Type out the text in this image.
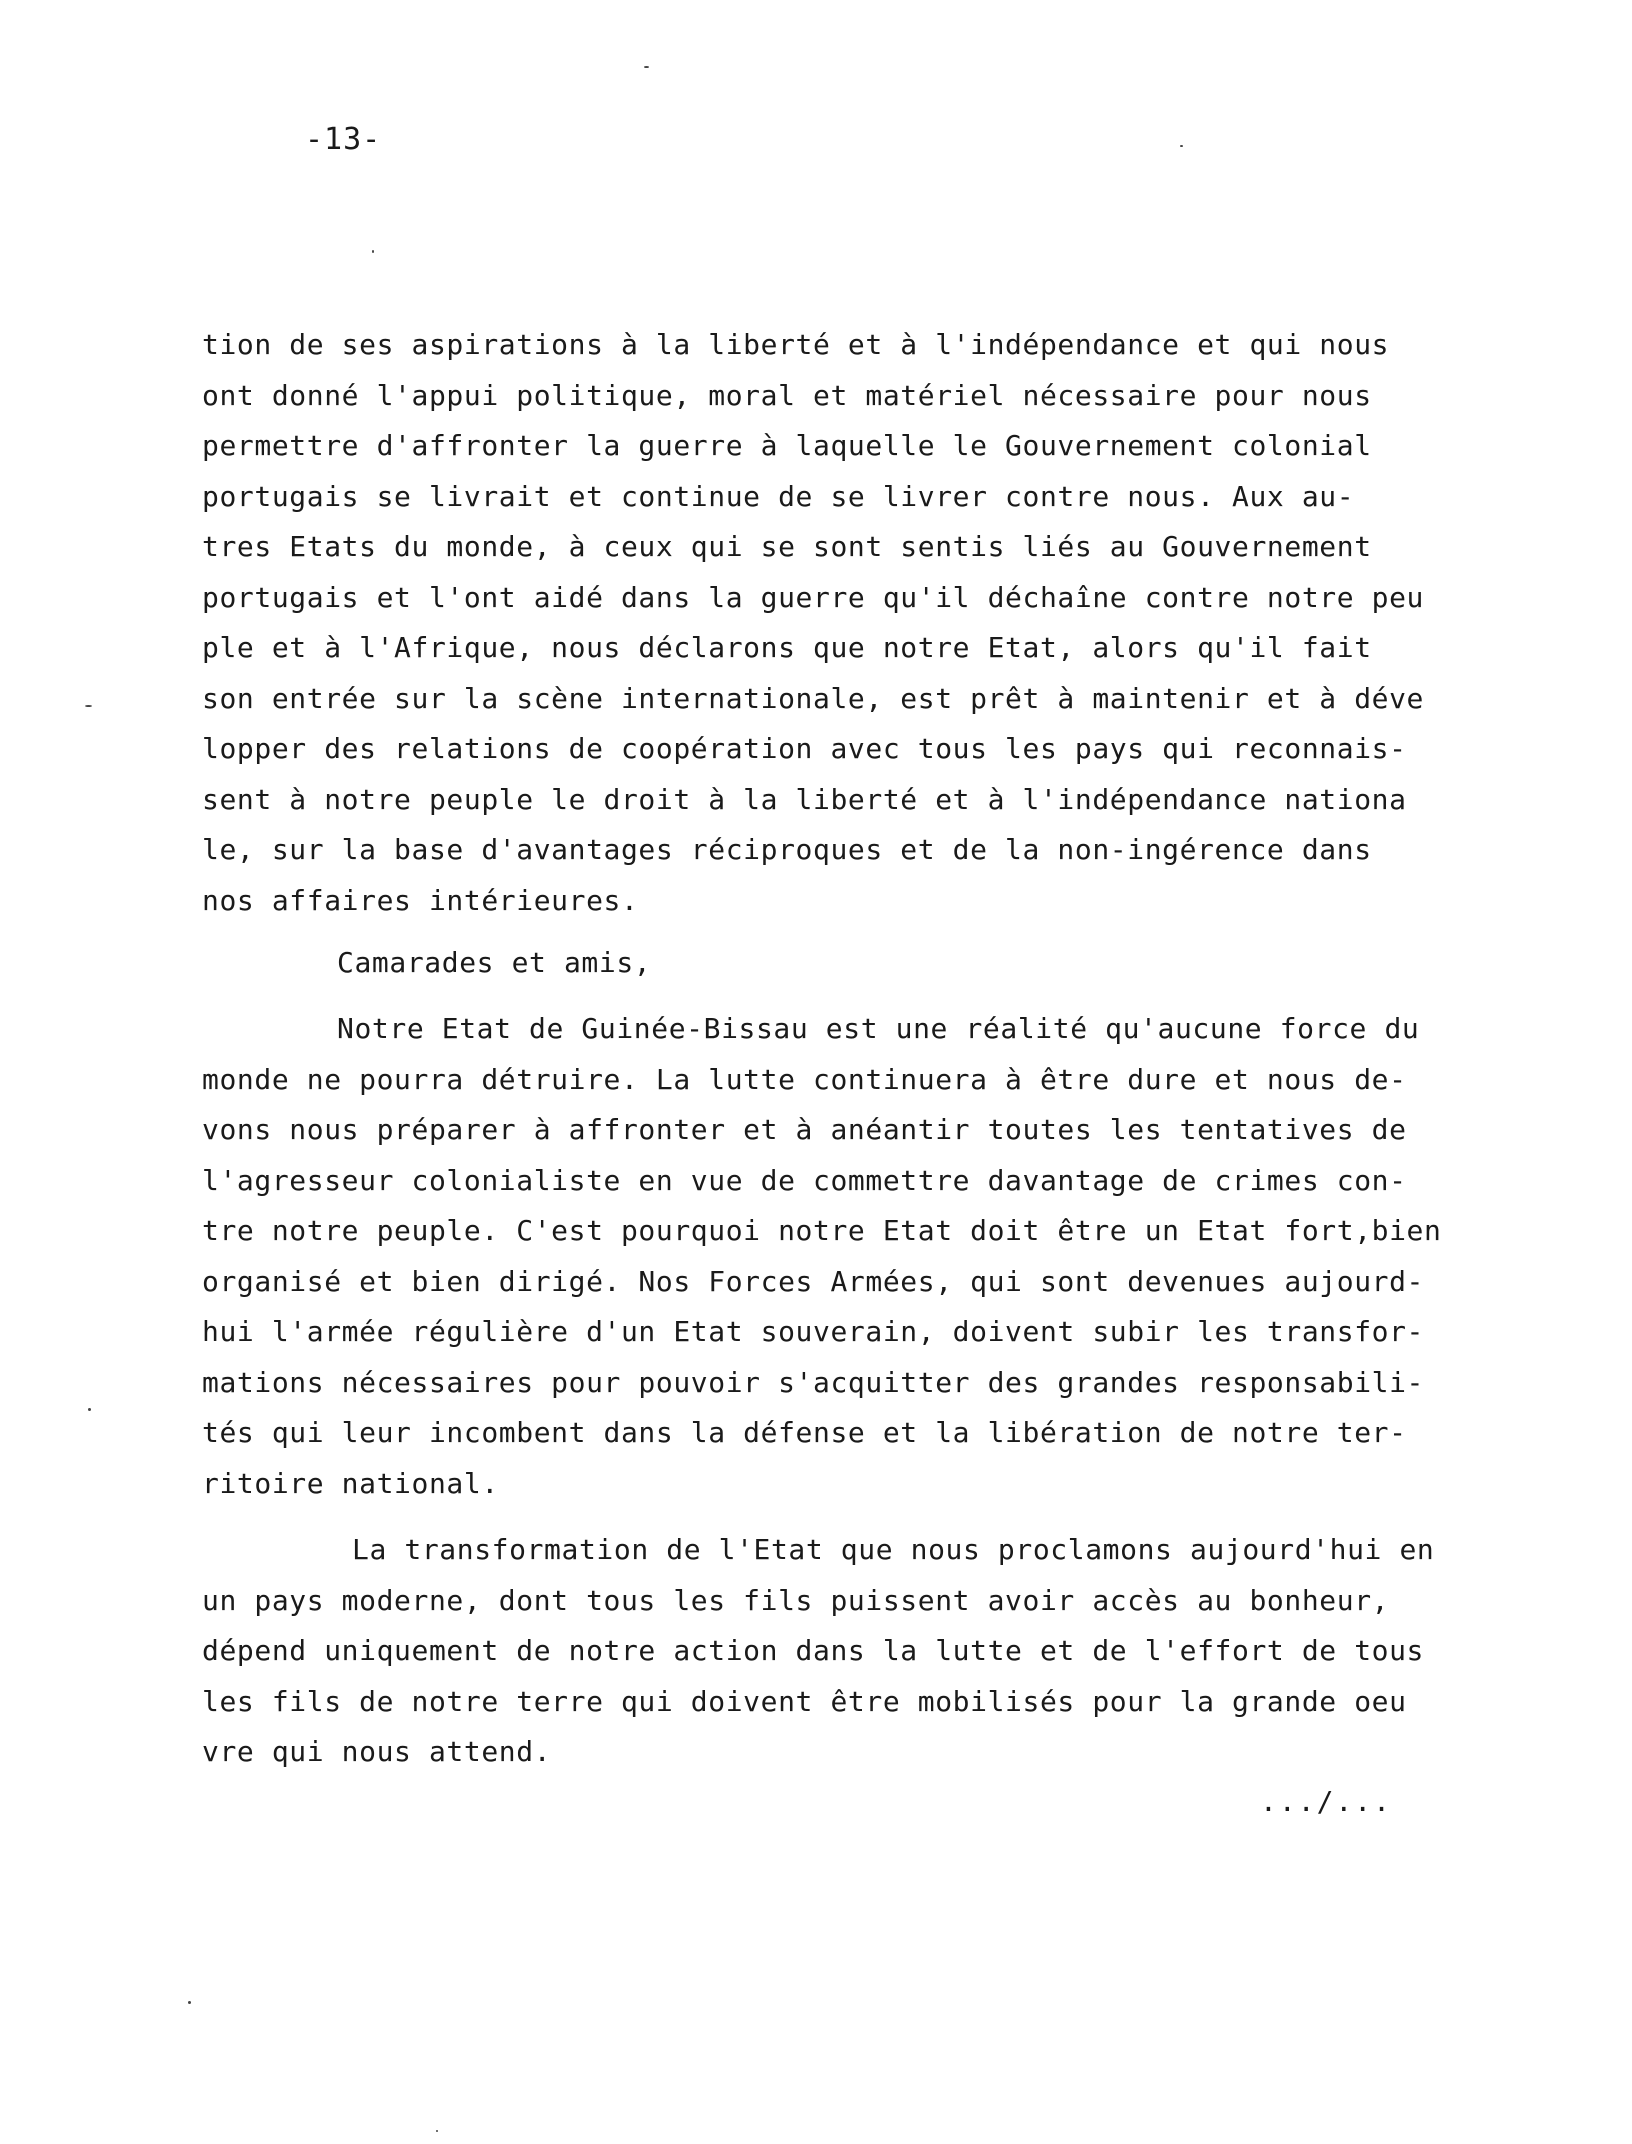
-13-
tion de ses aspirations à la liberté et à l'indépendance et qui nous
ont donné l'appui politique, moral et matériel nécessaire pour nous
permettre d'affronter la guerre à laquelle le Gouvernement colonial
portugais se livrait et continue de se livrer contre nous. Aux au-
tres Etats du monde, à ceux qui se sont sentis liés au Gouvernement
portugais et l'ont aidé dans la guerre qu'il déchaîne contre notre peu
ple et à l'Afrique, nous déclarons que notre Etat, alors qu'il fait
son entrée sur la scène internationale, est prêt à maintenir et à déve
lopper des relations de coopération avec tous les pays qui reconnais-
sent à notre peuple le droit à la liberté et à l'indépendance nationa
le, sur la base d'avantages réciproques et de la non-ingérence dans
nos affaires intérieures.
Camarades et amis,
Notre Etat de Guinée-Bissau est une réalité qu'aucune force du
monde ne pourra détruire. La lutte continuera à être dure et nous de-
vons nous préparer à affronter et à anéantir toutes les tentatives de
l'agresseur colonialiste en vue de commettre davantage de crimes con-
tre notre peuple. C'est pourquoi notre Etat doit être un Etat fort,bien
organisé et bien dirigé. Nos Forces Armées, qui sont devenues aujourd-
hui l'armée régulière d'un Etat souverain, doivent subir les transfor-
mations nécessaires pour pouvoir s'acquitter des grandes responsabili-
tés qui leur incombent dans la défense et la libération de notre ter-
ritoire national.
La transformation de l'Etat que nous proclamons aujourd'hui en
un pays moderne, dont tous les fils puissent avoir accès au bonheur,
dépend uniquement de notre action dans la lutte et de l'effort de tous
les fils de notre terre qui doivent être mobilisés pour la grande oeu
vre qui nous attend.
.../...
